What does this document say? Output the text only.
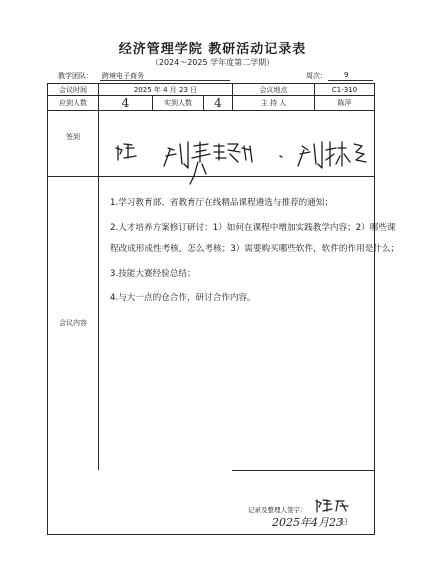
经济管理学院 教研活动记录表
（2024～2025 学年度第二学期）
教学团队： 跨境电子商务	周次： 9
会议时间	2025 年 4 月 23 日	会议地点	C1-310
应到人数	4	实到人数	4	主 持 人	陈萍
签到
会议内容

1.学习教育部、省教育厅在线精品课程遴选与推荐的通知；

2.人才培养方案修订研讨：1）如何在课程中增加实践教学内容；2）哪些课程改成形成性考核，怎么考核；3）需要购买哪些软件，软件的作用是什么；

3.技能大赛经验总结；

4.与大一点的仓合作，研讨合作内容。

记录及整理人签字：
2025年4月23
日
